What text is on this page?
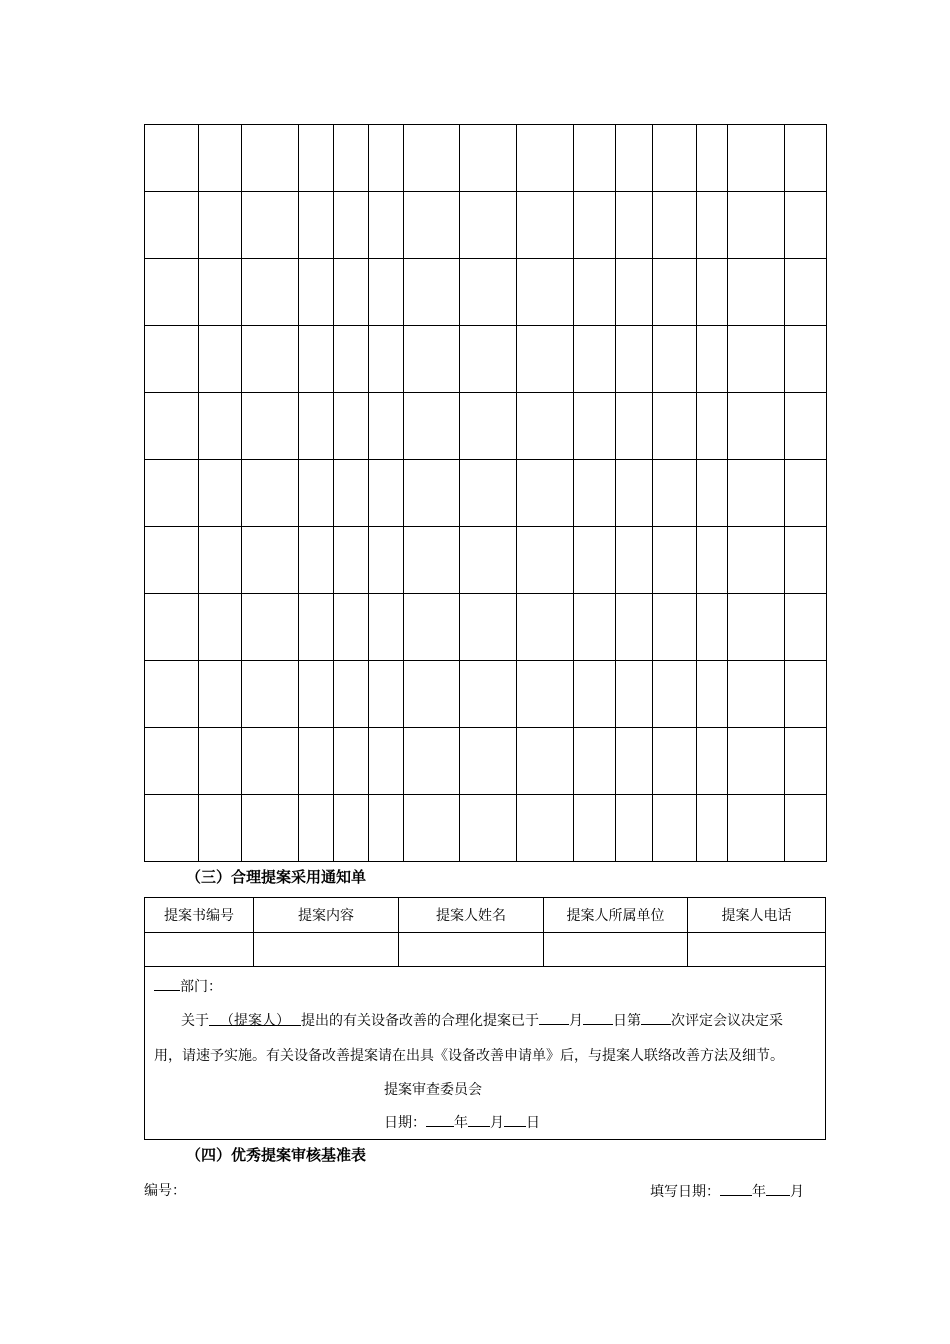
（三）合理提案采用通知单
提案书编号	提案内容	提案人姓名	提案人所属单位	提案人电话

部门：
关于 （提案人） 提出的有关设备改善的合理化提案已于 月 日第 次评定会议决定采
用，请速予实施。有关设备改善提案请在出具《设备改善申请单》后，与提案人联络改善方法及细节。
提案审查委员会
日期： 年 月 日				
（四）优秀提案审核基准表
编号：	填写日期： 年 月
